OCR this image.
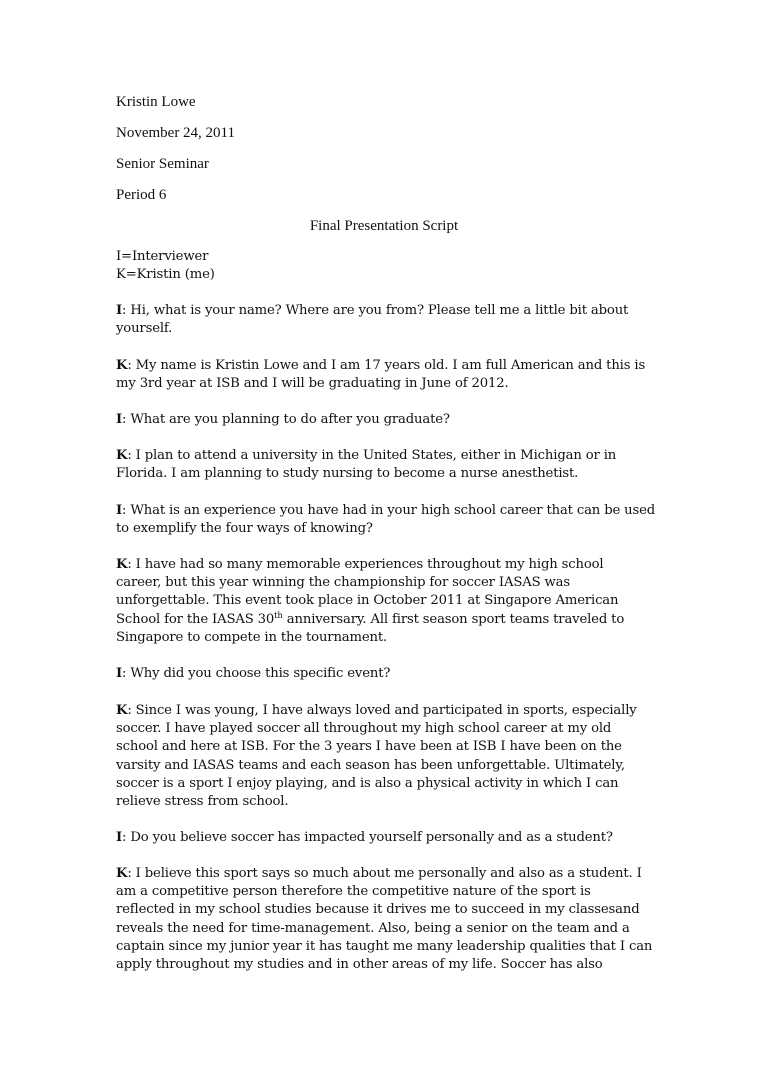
Kristin Lowe
November 24, 2011
Senior Seminar
Period 6
Final Presentation Script
I=Interviewer
K=Kristin (me)
I: Hi, what is your name? Where are you from? Please tell me a little bit about
yourself.
K: My name is Kristin Lowe and I am 17 years old. I am full American and this is
my 3rd year at ISB and I will be graduating in June of 2012.
I: What are you planning to do after you graduate?
K: I plan to attend a university in the United States, either in Michigan or in
Florida. I am planning to study nursing to become a nurse anesthetist.
I: What is an experience you have had in your high school career that can be used
to exemplify the four ways of knowing?
K: I have had so many memorable experiences throughout my high school
career, but this year winning the championship for soccer IASAS was
unforgettable. This event took place in October 2011 at Singapore American
School for the IASAS 30th anniversary. All first season sport teams traveled to
Singapore to compete in the tournament.
I: Why did you choose this specific event?
K: Since I was young, I have always loved and participated in sports, especially
soccer. I have played soccer all throughout my high school career at my old
school and here at ISB. For the 3 years I have been at ISB I have been on the
varsity and IASAS teams and each season has been unforgettable. Ultimately,
soccer is a sport I enjoy playing, and is also a physical activity in which I can
relieve stress from school.
I: Do you believe soccer has impacted yourself personally and as a student?
K: I believe this sport says so much about me personally and also as a student. I
am a competitive person therefore the competitive nature of the sport is
reflected in my school studies because it drives me to succeed in my classesand
reveals the need for time-management. Also, being a senior on the team and a
captain since my junior year it has taught me many leadership qualities that I can
apply throughout my studies and in other areas of my life. Soccer has also
